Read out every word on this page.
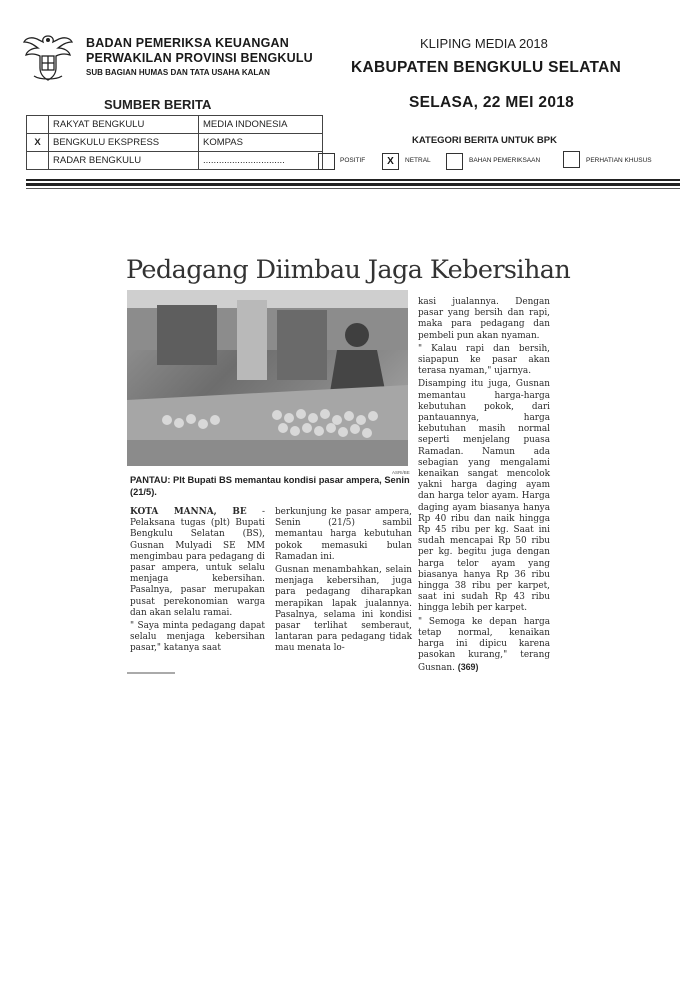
BADAN PEMERIKSA KEUANGAN
PERWAKILAN PROVINSI BENGKULU
SUB BAGIAN HUMAS DAN TATA USAHA KALAN
KLIPING MEDIA 2018
KABUPATEN BENGKULU SELATAN
SELASA, 22 MEI 2018
SUMBER BERITA
	RAKYAT BENGKULU	MEDIA INDONESIA
X	BENGKULU EKSPRESS	KOMPAS
	RADAR BENGKULU	...............................
KATEGORI BERITA UNTUK BPK
POSITIF	X	NETRAL	BAHAN PEMERIKSAAN	PERHATIAN KHUSUS
Pedagang Diimbau Jaga Kebersihan
ASRI/BE
PANTAU: Plt Bupati BS memantau kondisi pasar ampera, Senin (21/5).

KOTA MANNA, BE - Pelaksana tugas (plt) Bupati Bengkulu Selatan (BS), Gusnan Mulyadi SE MM mengimbau para pedagang di pasar ampera, untuk selalu menjaga kebersihan. Pasalnya, pasar merupakan pusat perekonomian warga dan akan selalu ramai.

" Saya minta pedagang dapat selalu menjaga kebersihan pasar," katanya saat

berkunjung ke pasar ampera, Senin (21/5) sambil memantau harga kebutuhan pokok memasuki bulan Ramadan ini.

Gusnan menambahkan, selain menjaga kebersihan, juga para pedagang diharapkan merapikan lapak jualannya. Pasalnya, selama ini kondisi pasar terlihat semberaut, lantaran para pedagang tidak mau menata lo-

kasi jualannya. Dengan pasar yang bersih dan rapi, maka para pedagang dan pembeli pun akan nyaman.

" Kalau rapi dan bersih, siapapun ke pasar akan terasa nyaman," ujarnya.

Disamping itu juga, Gusnan memantau harga-harga kebutuhan pokok, dari pantauannya, harga kebutuhan masih normal seperti menjelang puasa Ramadan. Namun ada sebagian yang mengalami kenaikan sangat mencolok yakni harga daging ayam dan harga telor ayam. Harga daging ayam biasanya hanya Rp 40 ribu dan naik hingga Rp 45 ribu per kg. Saat ini sudah mencapai Rp 50 ribu per kg. begitu juga dengan harga telor ayam yang biasanya hanya Rp 36 ribu hingga 38 ribu per karpet, saat ini sudah Rp 43 ribu hingga lebih per karpet.

" Semoga ke depan harga tetap normal, kenaikan harga ini dipicu karena pasokan kurang," terang Gusnan. (369)
